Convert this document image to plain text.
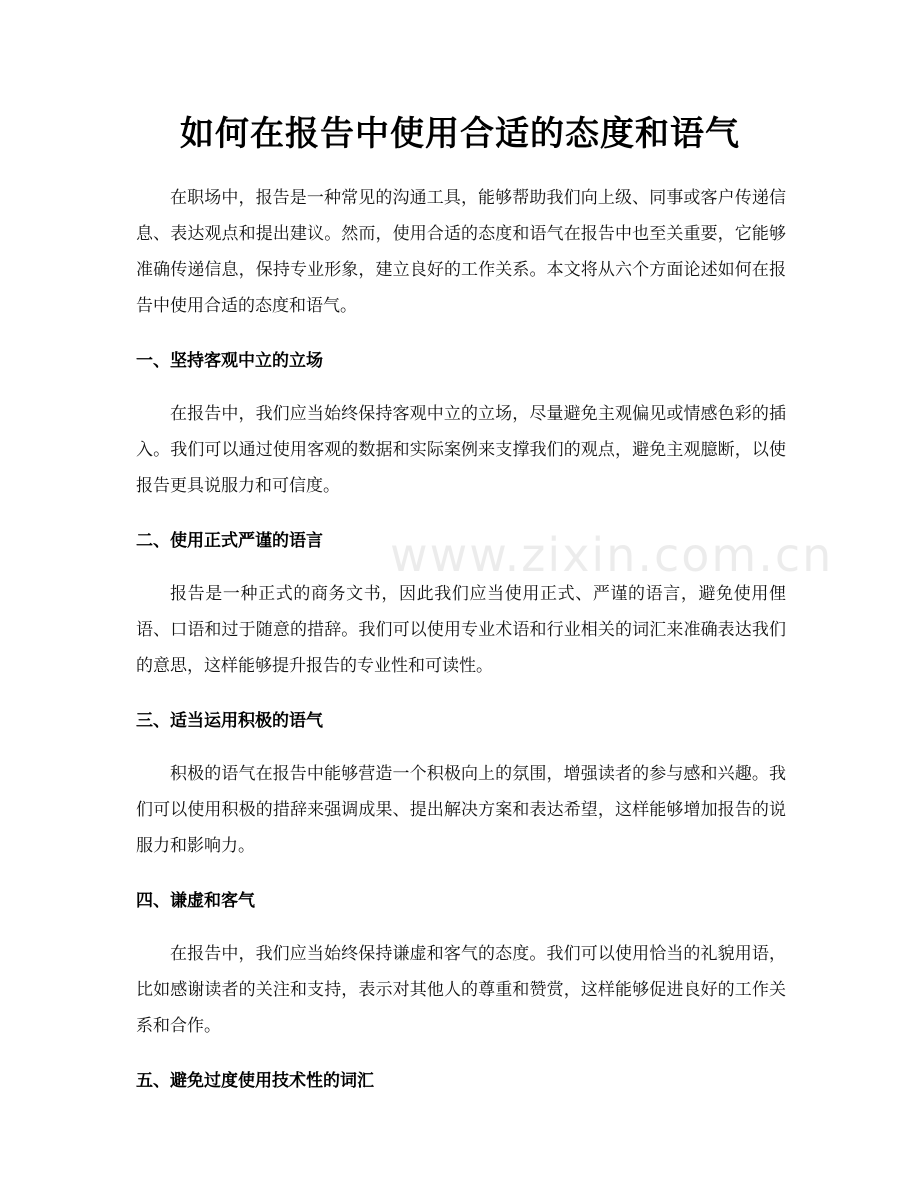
如何在报告中使用合适的态度和语气
www.zixin.com.cn

在职场中，报告是一种常见的沟通工具，能够帮助我们向上级、同事或客户传递信息、表达观点和提出建议。然而，使用合适的态度和语气在报告中也至关重要，它能够准确传递信息，保持专业形象，建立良好的工作关系。本文将从六个方面论述如何在报告中使用合适的态度和语气。

一、坚持客观中立的立场

在报告中，我们应当始终保持客观中立的立场，尽量避免主观偏见或情感色彩的插入。我们可以通过使用客观的数据和实际案例来支撑我们的观点，避免主观臆断，以使报告更具说服力和可信度。

二、使用正式严谨的语言

报告是一种正式的商务文书，因此我们应当使用正式、严谨的语言，避免使用俚语、口语和过于随意的措辞。我们可以使用专业术语和行业相关的词汇来准确表达我们的意思，这样能够提升报告的专业性和可读性。

三、适当运用积极的语气

积极的语气在报告中能够营造一个积极向上的氛围，增强读者的参与感和兴趣。我们可以使用积极的措辞来强调成果、提出解决方案和表达希望，这样能够增加报告的说服力和影响力。

四、谦虚和客气

在报告中，我们应当始终保持谦虚和客气的态度。我们可以使用恰当的礼貌用语，比如感谢读者的关注和支持，表示对其他人的尊重和赞赏，这样能够促进良好的工作关系和合作。

五、避免过度使用技术性的词汇
